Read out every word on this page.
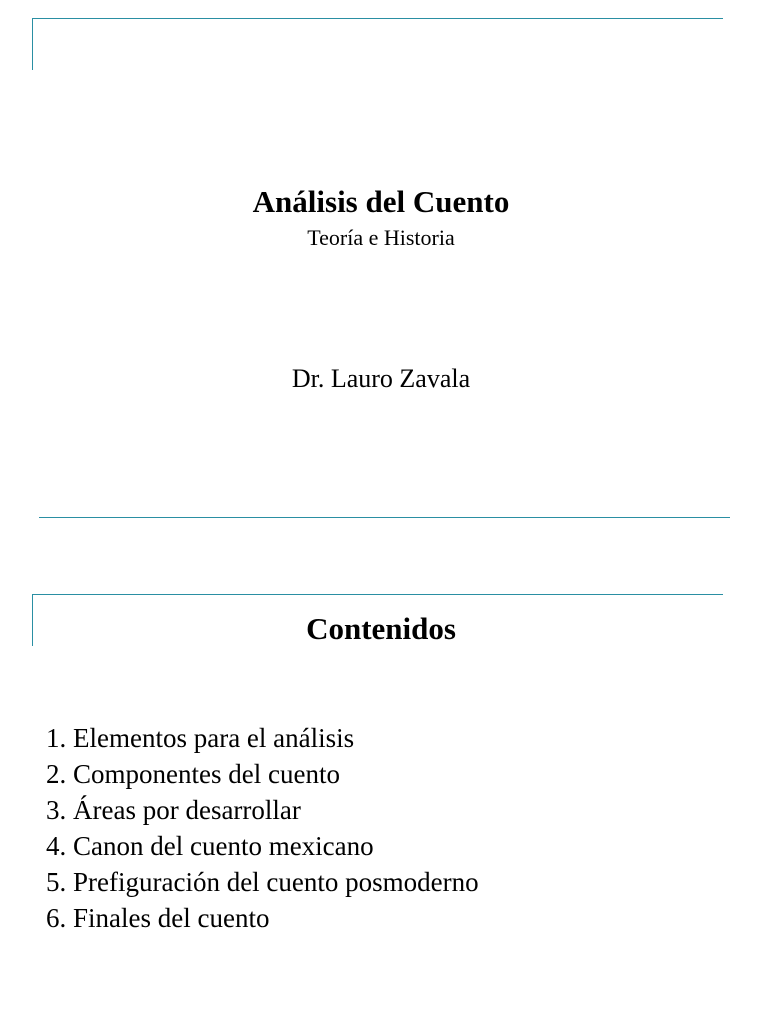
Análisis del Cuento

Teoría e Historia

Dr. Lauro Zavala

Contenidos
1. Elementos para el análisis
2. Componentes del cuento
3. Áreas por desarrollar
4. Canon del cuento mexicano
5. Prefiguración del cuento posmoderno
6. Finales del cuento
